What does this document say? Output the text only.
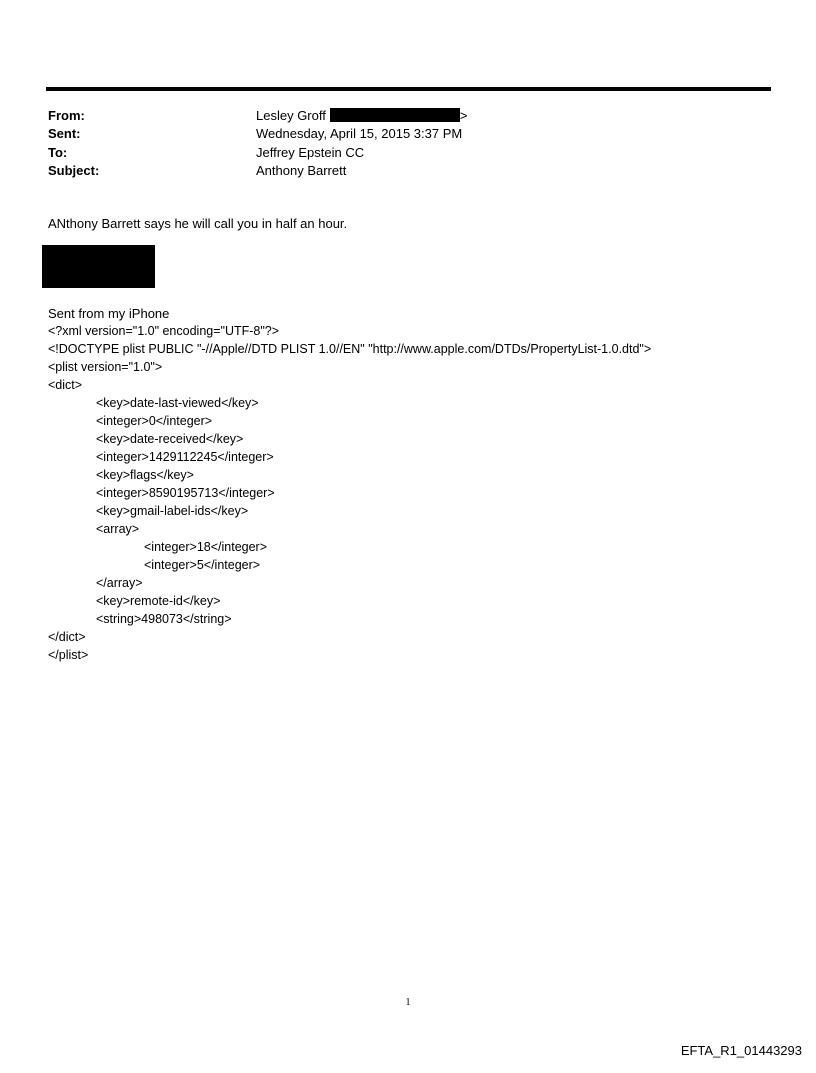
From:	Lesley Groff	>
Sent:	Wednesday, April 15, 2015 3:37 PM
To:	Jeffrey Epstein CC
Subject:	Anthony Barrett
ANthony Barrett says he will call you in half an hour.
Sent from my iPhone
<?xml version="1.0" encoding="UTF-8"?>
<!DOCTYPE plist PUBLIC "-//Apple//DTD PLIST 1.0//EN" "http://www.apple.com/DTDs/PropertyList-1.0.dtd">
<plist version="1.0">
<dict>
<key>date-last-viewed</key>
<integer>0</integer>
<key>date-received</key>
<integer>1429112245</integer>
<key>flags</key>
<integer>8590195713</integer>
<key>gmail-label-ids</key>
<array>
<integer>18</integer>
<integer>5</integer>
</array>
<key>remote-id</key>
<string>498073</string>
</dict>
</plist>
1
EFTA_R1_01443293
